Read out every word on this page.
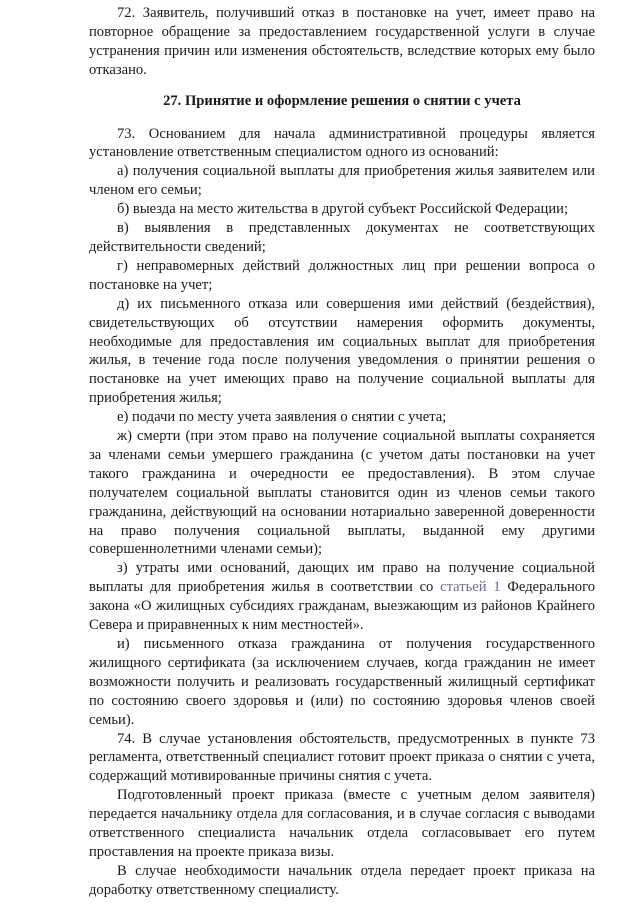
72. Заявитель, получивший отказ в постановке на учет, имеет право на повторное обращение за предоставлением государственной услуги в случае устранения причин или изменения обстоятельств, вследствие которых ему было отказано.

27. Принятие и оформление решения о снятии с учета

73. Основанием для начала административной процедуры является установление ответственным специалистом одного из оснований:

а) получения социальной выплаты для приобретения жилья заявителем или членом его семьи;

б) выезда на место жительства в другой субъект Российской Федерации;

в) выявления в представленных документах не соответствующих действительности сведений;

г) неправомерных действий должностных лиц при решении вопроса о постановке на учет;

д) их письменного отказа или совершения ими действий (бездействия), свидетельствующих об отсутствии намерения оформить документы, необходимые для предоставления им социальных выплат для приобретения жилья, в течение года после получения уведомления о принятии решения о постановке на учет имеющих право на получение социальной выплаты для приобретения жилья;

е) подачи по месту учета заявления о снятии с учета;

ж) смерти (при этом право на получение социальной выплаты сохраняется за членами семьи умершего гражданина (с учетом даты постановки на учет такого гражданина и очередности ее предоставления). В этом случае получателем социальной выплаты становится один из членов семьи такого гражданина, действующий на основании нотариально заверенной доверенности на право получения социальной выплаты, выданной ему другими совершеннолетними членами семьи);

з) утраты ими оснований, дающих им право на получение социальной выплаты для приобретения жилья в соответствии со статьей 1 Федерального закона «О жилищных субсидиях гражданам, выезжающим из районов Крайнего Севера и приравненных к ним местностей».

и) письменного отказа гражданина от получения государственного жилищного сертификата (за исключением случаев, когда гражданин не имеет возможности получить и реализовать государственный жилищный сертификат по состоянию своего здоровья и (или) по состоянию здоровья членов своей семьи).

74. В случае установления обстоятельств, предусмотренных в пункте 73 регламента, ответственный специалист готовит проект приказа о снятии с учета, содержащий мотивированные причины снятия с учета.

Подготовленный проект приказа (вместе с учетным делом заявителя) передается начальнику отдела для согласования, и в случае согласия с выводами ответственного специалиста начальник отдела согласовывает его путем проставления на проекте приказа визы.

В случае необходимости начальник отдела передает проект приказа на доработку ответственному специалисту.
